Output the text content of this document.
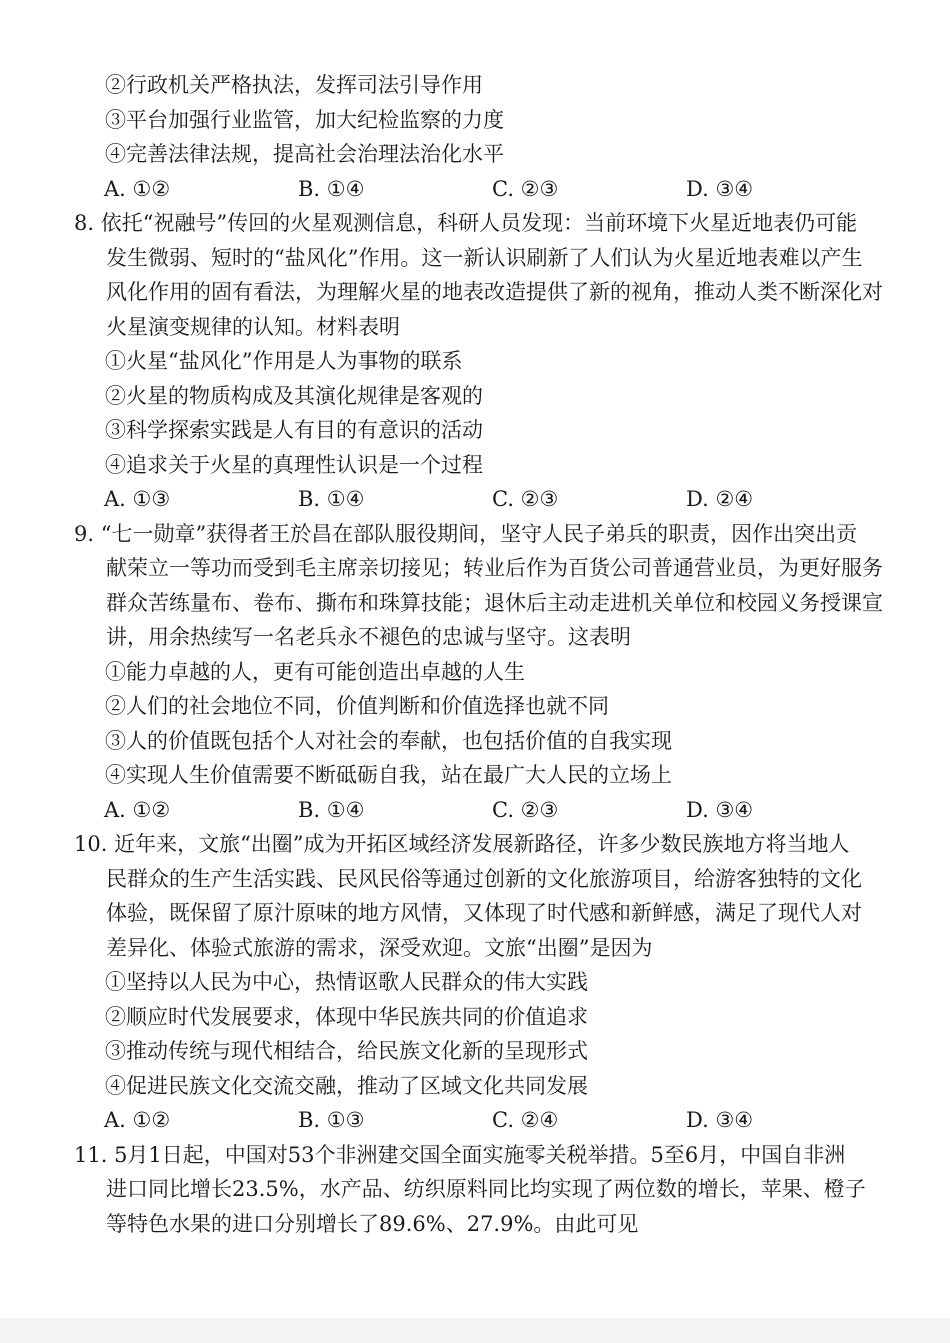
②行政机关严格执法，发挥司法引导作用
③平台加强行业监管，加大纪检监察的力度
④完善法律法规，提高社会治理法治化水平
A. ①②	B. ①④	C. ②③	D. ③④
8. 依托“祝融号”传回的火星观测信息，科研人员发现：当前环境下火星近地表仍可能
发生微弱、短时的“盐风化”作用。这一新认识刷新了人们认为火星近地表难以产生
风化作用的固有看法，为理解火星的地表改造提供了新的视角，推动人类不断深化对
火星演变规律的认知。材料表明
①火星“盐风化”作用是人为事物的联系
②火星的物质构成及其演化规律是客观的
③科学探索实践是人有目的有意识的活动
④追求关于火星的真理性认识是一个过程
A. ①③	B. ①④	C. ②③	D. ②④
9. “七一勋章”获得者王於昌在部队服役期间，坚守人民子弟兵的职责，因作出突出贡
献荣立一等功而受到毛主席亲切接见；转业后作为百货公司普通营业员，为更好服务
群众苦练量布、卷布、撕布和珠算技能；退休后主动走进机关单位和校园义务授课宣
讲，用余热续写一名老兵永不褪色的忠诚与坚守。这表明
①能力卓越的人，更有可能创造出卓越的人生
②人们的社会地位不同，价值判断和价值选择也就不同
③人的价值既包括个人对社会的奉献，也包括价值的自我实现
④实现人生价值需要不断砥砺自我，站在最广大人民的立场上
A. ①②	B. ①④	C. ②③	D. ③④
10. 近年来，文旅“出圈”成为开拓区域经济发展新路径，许多少数民族地方将当地人
民群众的生产生活实践、民风民俗等通过创新的文化旅游项目，给游客独特的文化
体验，既保留了原汁原味的地方风情，又体现了时代感和新鲜感，满足了现代人对
差异化、体验式旅游的需求，深受欢迎。文旅“出圈”是因为
①坚持以人民为中心，热情讴歌人民群众的伟大实践
②顺应时代发展要求，体现中华民族共同的价值追求
③推动传统与现代相结合，给民族文化新的呈现形式
④促进民族文化交流交融，推动了区域文化共同发展
A. ①②	B. ①③	C. ②④	D. ③④
11. 5月1日起，中国对53个非洲建交国全面实施零关税举措。5至6月，中国自非洲
进口同比增长23.5%，水产品、纺织原料同比均实现了两位数的增长，苹果、橙子
等特色水果的进口分别增长了89.6%、27.9%。由此可见
